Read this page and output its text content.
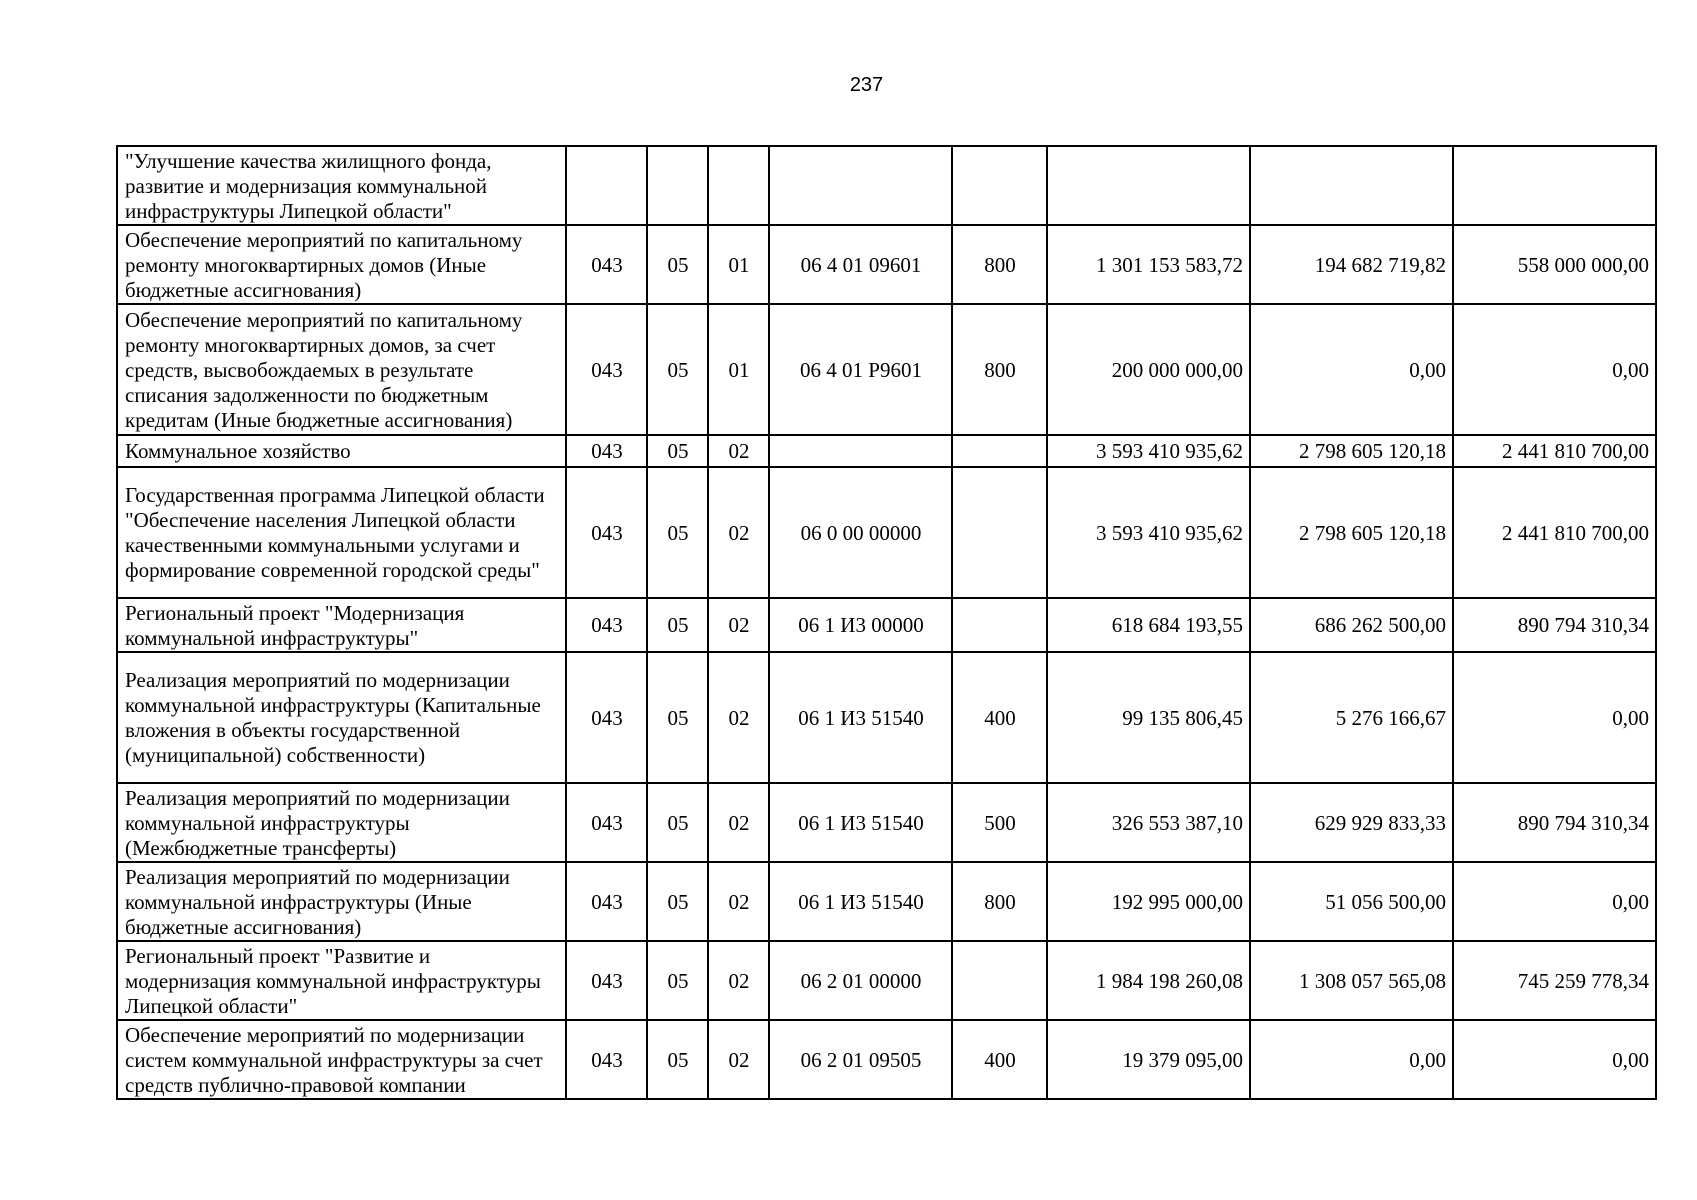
237
"Улучшение качества жилищного фонда, развитие и модернизация коммунальной инфраструктуры Липецкой области"								
Обеспечение мероприятий по капитальному ремонту многоквартирных домов (Иные бюджетные ассигнования)	043	05	01	06 4 01 09601	800	1 301 153 583,72	194 682 719,82	558 000 000,00
Обеспечение мероприятий по капитальному ремонту многоквартирных домов, за счет средств, высвобождаемых в результате списания задолженности по бюджетным кредитам (Иные бюджетные ассигнования)	043	05	01	06 4 01 Р9601	800	200 000 000,00	0,00	0,00
Коммунальное хозяйство	043	05	02			3 593 410 935,62	2 798 605 120,18	2 441 810 700,00
Государственная программа Липецкой области "Обеспечение населения Липецкой области качественными коммунальными услугами и формирование современной городской среды"	043	05	02	06 0 00 00000		3 593 410 935,62	2 798 605 120,18	2 441 810 700,00
Региональный проект "Модернизация коммунальной инфраструктуры"	043	05	02	06 1 И3 00000		618 684 193,55	686 262 500,00	890 794 310,34
Реализация мероприятий по модернизации коммунальной инфраструктуры (Капитальные вложения в объекты государственной (муниципальной) собственности)	043	05	02	06 1 И3 51540	400	99 135 806,45	5 276 166,67	0,00
Реализация мероприятий по модернизации коммунальной инфраструктуры (Межбюджетные трансферты)	043	05	02	06 1 И3 51540	500	326 553 387,10	629 929 833,33	890 794 310,34
Реализация мероприятий по модернизации коммунальной инфраструктуры (Иные бюджетные ассигнования)	043	05	02	06 1 И3 51540	800	192 995 000,00	51 056 500,00	0,00
Региональный проект "Развитие и модернизация коммунальной инфраструктуры Липецкой области"	043	05	02	06 2 01 00000		1 984 198 260,08	1 308 057 565,08	745 259 778,34
Обеспечение мероприятий по модернизации систем коммунальной инфраструктуры за счет средств публично-правовой компании	043	05	02	06 2 01 09505	400	19 379 095,00	0,00	0,00
